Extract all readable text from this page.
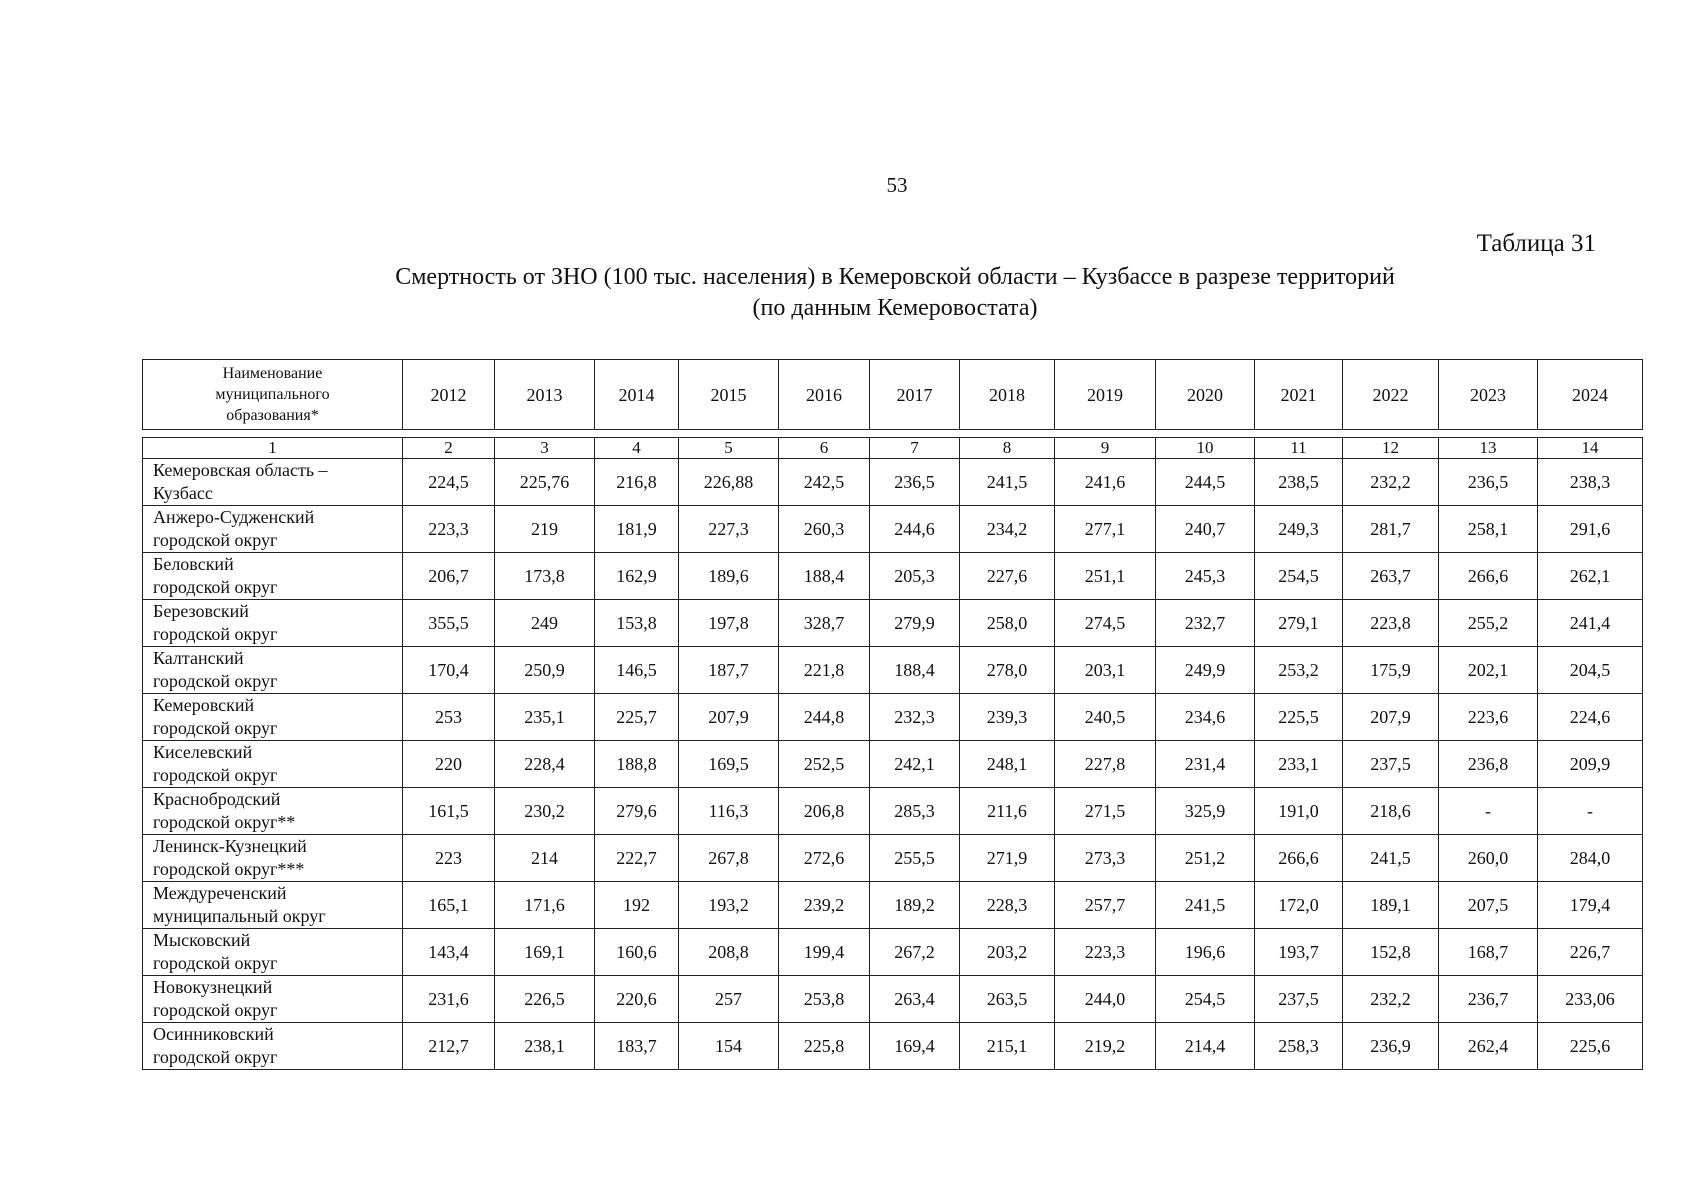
53
Таблица 31
Смертность от ЗНО (100 тыс. населения) в Кемеровской области – Кузбассе в разрезе территорий
(по данным Кемеровостата)
Наименование
муниципального
образования*
	2012	2013	2014	2015	2016	2017	2018	2019	2020	2021	2022	2023	2024
1	2	3	4	5	6	7	8	9	10	11	12	13	14

Кемеровская область –
Кузбасс	224,5	225,76	216,8	226,88	242,5	236,5	241,5	241,6	244,5	238,5	232,2	236,5	238,3

Анжеро-Судженский
городской округ	223,3	219	181,9	227,3	260,3	244,6	234,2	277,1	240,7	249,3	281,7	258,1	291,6

Беловский
городской округ	206,7	173,8	162,9	189,6	188,4	205,3	227,6	251,1	245,3	254,5	263,7	266,6	262,1

Березовский
городской округ	355,5	249	153,8	197,8	328,7	279,9	258,0	274,5	232,7	279,1	223,8	255,2	241,4

Калтанский
городской округ	170,4	250,9	146,5	187,7	221,8	188,4	278,0	203,1	249,9	253,2	175,9	202,1	204,5

Кемеровский
городской округ	253	235,1	225,7	207,9	244,8	232,3	239,3	240,5	234,6	225,5	207,9	223,6	224,6

Киселевский
городской округ	220	228,4	188,8	169,5	252,5	242,1	248,1	227,8	231,4	233,1	237,5	236,8	209,9

Краснобродский
городской округ**	161,5	230,2	279,6	116,3	206,8	285,3	211,6	271,5	325,9	191,0	218,6	-	-

Ленинск-Кузнецкий
городской округ***	223	214	222,7	267,8	272,6	255,5	271,9	273,3	251,2	266,6	241,5	260,0	284,0

Междуреченский
муниципальный округ	165,1	171,6	192	193,2	239,2	189,2	228,3	257,7	241,5	172,0	189,1	207,5	179,4

Мысковский
городской округ	143,4	169,1	160,6	208,8	199,4	267,2	203,2	223,3	196,6	193,7	152,8	168,7	226,7

Новокузнецкий
городской округ	231,6	226,5	220,6	257	253,8	263,4	263,5	244,0	254,5	237,5	232,2	236,7	233,06

Осинниковский
городской округ	212,7	238,1	183,7	154	225,8	169,4	215,1	219,2	214,4	258,3	236,9	262,4	225,6
